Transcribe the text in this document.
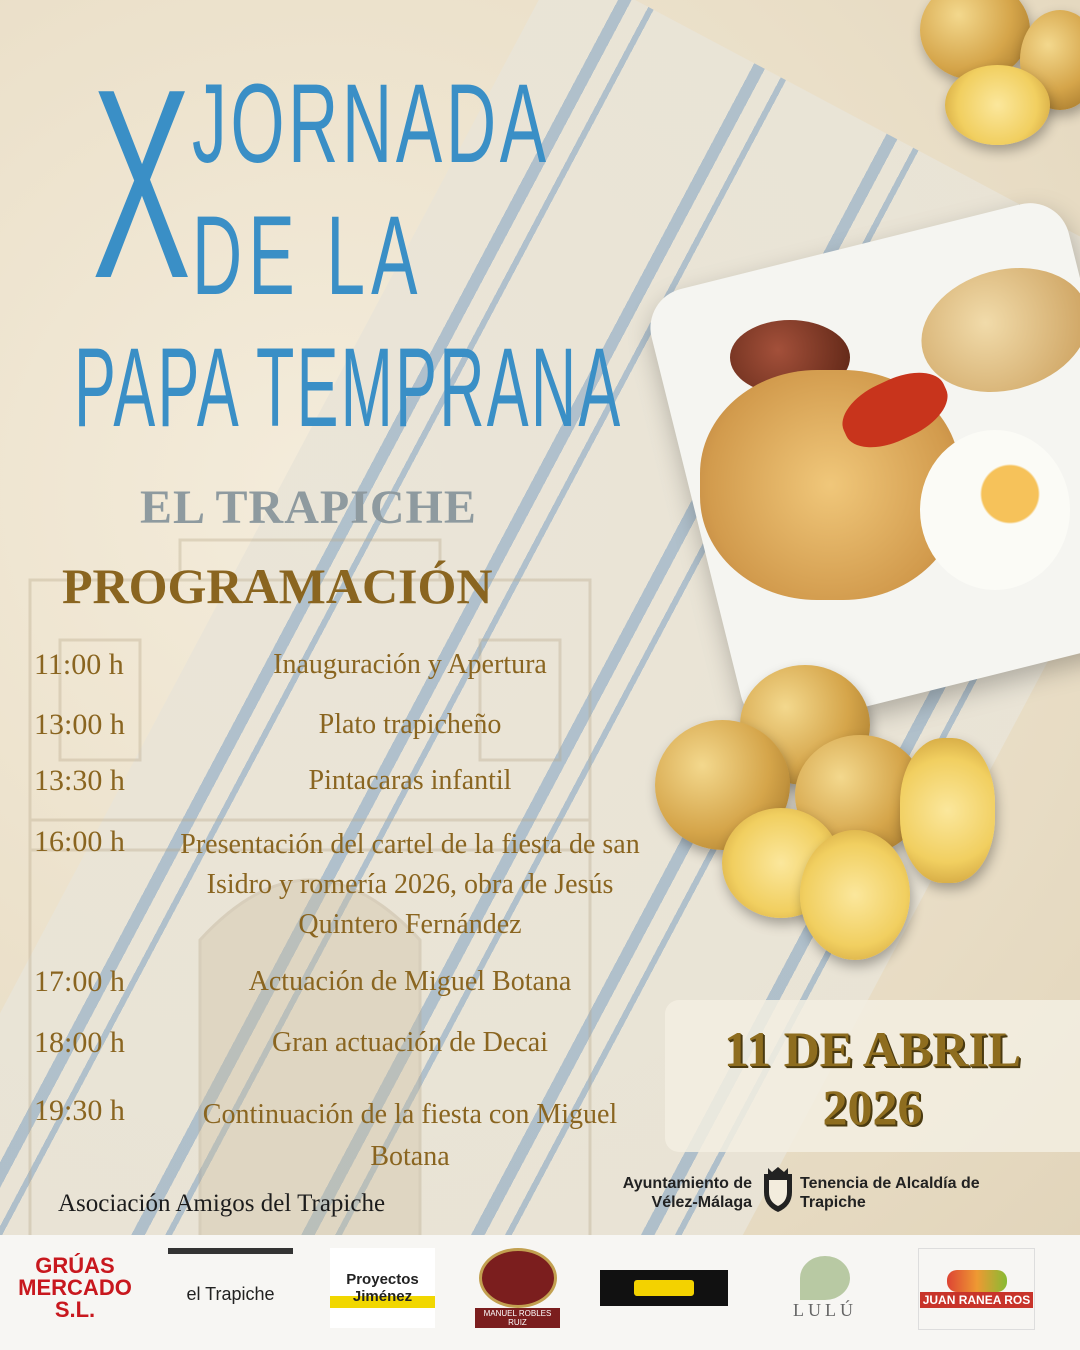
X JORNADA
DE LA
PAPA TEMPRANA
EL TRAPICHE
PROGRAMACIÓN
11:00 h	Inauguración y Apertura
13:00 h	Plato trapicheño
13:30 h	Pintacaras infantil
16:00 h	Presentación del cartel de la fiesta de san Isidro y romería 2026, obra de Jesús Quintero Fernández
17:00 h	Actuación de Miguel Botana
18:00 h	Gran actuación de Decai
19:30 h	Continuación de la fiesta con Miguel Botana
11 DE ABRIL
2026
Asociación Amigos del Trapiche
Ayuntamiento de Vélez-Málaga
Tenencia de Alcaldía de Trapiche
GRÚAS MERCADO S.L.
el Trapiche
Proyectos Jiménez
MANUEL ROBLES RUIZ
LULÚ	JUAN RANEA ROS
